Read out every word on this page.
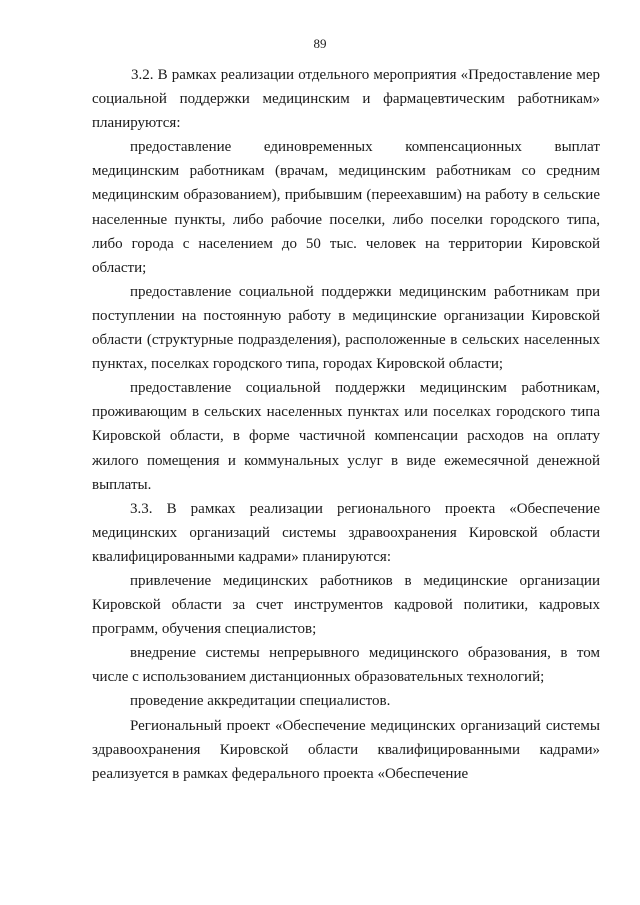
89

3.2. В рамках реализации отдельного мероприятия «Предоставление мер социальной поддержки медицинским и фармацевтическим работникам» планируются:

предоставление единовременных компенсационных выплат медицинским работникам (врачам, медицинским работникам со средним медицинским образованием), прибывшим (переехавшим) на работу в сельские населенные пункты, либо рабочие поселки, либо поселки городского типа, либо города с населением до 50 тыс. человек на территории Кировской области;

предоставление социальной поддержки медицинским работникам при поступлении на постоянную работу в медицинские организации Кировской области (структурные подразделения), расположенные в сельских населенных пунктах, поселках городского типа, городах Кировской области;

предоставление социальной поддержки медицинским работникам, проживающим в сельских населенных пунктах или поселках городского типа Кировской области, в форме частичной компенсации расходов на оплату жилого помещения и коммунальных услуг в виде ежемесячной денежной выплаты.

3.3. В рамках реализации регионального проекта «Обеспечение медицинских организаций системы здравоохранения Кировской области квалифицированными кадрами» планируются:

привлечение медицинских работников в медицинские организации Кировской области за счет инструментов кадровой политики, кадровых программ, обучения специалистов;

внедрение системы непрерывного медицинского образования, в том числе с использованием дистанционных образовательных технологий;

проведение аккредитации специалистов.

Региональный проект «Обеспечение медицинских организаций системы здравоохранения Кировской области квалифицированными кадрами» реализуется в рамках федерального проекта «Обеспечение
